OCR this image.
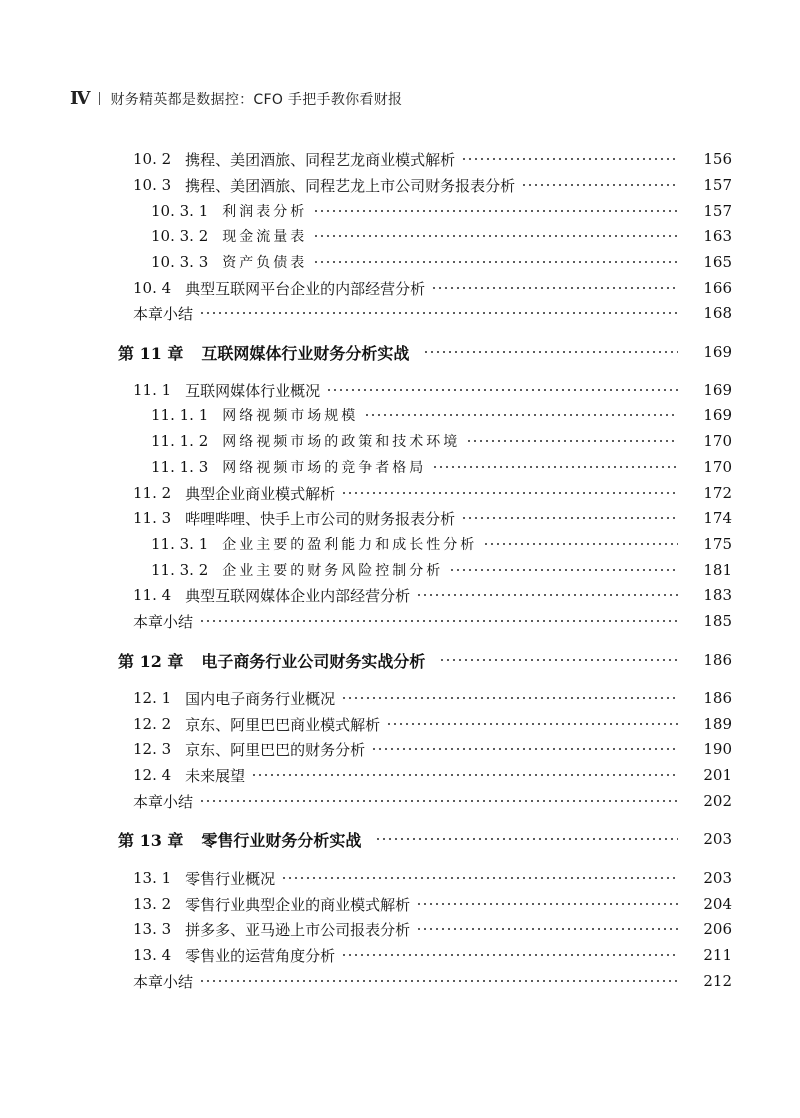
Ⅳ 财务精英都是数据控：CFO 手把手教你看财报
10. 2 携程、美团酒旅、同程艺龙商业模式解析	156
10. 3 携程、美团酒旅、同程艺龙上市公司财务报表分析	157
10. 3. 1 利润表分析	157
10. 3. 2 现金流量表	163
10. 3. 3 资产负债表	165
10. 4 典型互联网平台企业的内部经营分析	166
本章小结	168
第 11 章 互联网媒体行业财务分析实战	169
11. 1 互联网媒体行业概况	169
11. 1. 1 网络视频市场规模	169
11. 1. 2 网络视频市场的政策和技术环境	170
11. 1. 3 网络视频市场的竞争者格局	170
11. 2 典型企业商业模式解析	172
11. 3 哔哩哔哩、快手上市公司的财务报表分析	174
11. 3. 1 企业主要的盈利能力和成长性分析	175
11. 3. 2 企业主要的财务风险控制分析	181
11. 4 典型互联网媒体企业内部经营分析	183
本章小结	185
第 12 章 电子商务行业公司财务实战分析	186
12. 1 国内电子商务行业概况	186
12. 2 京东、阿里巴巴商业模式解析	189
12. 3 京东、阿里巴巴的财务分析	190
12. 4 未来展望	201
本章小结	202
第 13 章 零售行业财务分析实战	203
13. 1 零售行业概况	203
13. 2 零售行业典型企业的商业模式解析	204
13. 3 拼多多、亚马逊上市公司报表分析	206
13. 4 零售业的运营角度分析	211
本章小结	212
